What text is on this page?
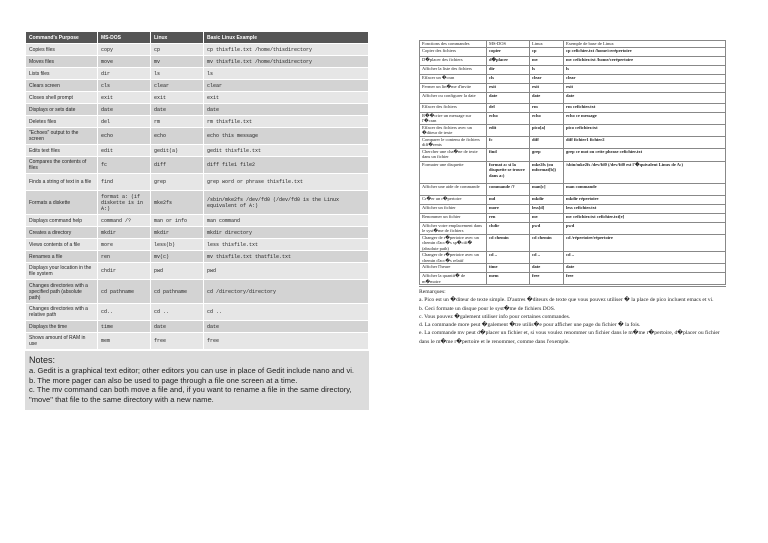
Command's Purpose	MS-DOS	Linux	Basic Linux Example
Copies files	copy	cp	cp thisfile.txt /home/thisdirectory
Moves files	move	mv	mv thisfile.txt /home/thisdirectory
Lists files	dir	ls	ls
Clears screen	cls	clear	clear
Closes shell prompt	exit	exit	exit
Displays or sets date	date	date	date
Deletes files	del	rm	rm thisfile.txt
"Echoes" output to the screen	echo	echo	echo this message
Edits text files	edit	gedit(a)	gedit thisfile.txt
Compares the contents of files	fc	diff	diff file1 file2
Finds a string of text in a file	find	grep	grep word or phrase thisfile.txt
Formats a diskette	format a: (if diskette is in A:)	mke2fs	/sbin/mke2fs /dev/fd0 (/dev/fd0 is the Linux equivalent of A:)
Displays command help	command /?	man or info	man command
Creates a directory	mkdir	mkdir	mkdir directory
Views contents of a file	more	less(b)	less thisfile.txt
Renames a file	ren	mv(c)	mv thisfile.txt thatfile.txt
Displays your location in the file system	chdir	pwd	pwd
Changes directories with a specified path (absolute path)	cd pathname	cd pathname	cd /directory/directory
Changes directories with a relative path	cd..	cd ..	cd ..
Displays the time	time	date	date
Shows amount of RAM in use	mem	free	free
Notes:
a. Gedit is a graphical text editor; other editors you can use in place of Gedit include nano and vi.
b. The more pager can also be used to page through a file one screen at a time.
c. The mv command can both move a file and, if you want to rename a file in the same directory, "move" that file to the same directory with a new name.
Fonctions des commandes	MS-DOS	Linux	Exemple de base de Linux
Copier des fichiers	copier	cp	cp cefichier.txt /home/cerépertoire
D�placer des fichiers	d�placer	mv	mv cefichier.txt /home/cerépertoire
Afficher la liste des fichiers	dir	ls	ls
Effacer un �cran	cls	clear	clear
Fermer un lin�me d'invite	exit	exit	exit
Afficher ou configurer la date	date	date	date
Effacer des fichiers	del	rm	rm cefichier.txt
R��crire un message sur l'�cran	echo	echo	echo ce message
Effacer des fichiers avec un �diteur de texte	edit	pico[a]	pico cefichier.txt
Comparer le contenu de fichiers diff�rents	fc	diff	diff fichier1 fichier2
Chercher une cha�ne de texte dans un fichier	find	grep	grep ce mot ou cette phrase cefichier.txt
Formater une disquette	format a: si la disquette se trouve dans a:)	mke2fs (ou mformat[b])	/sbin/mke2fs /dev/fd0 (/dev/fd0 est l'�quivalent Linux de A:)
Afficher une aide de commande	commande /?	man[c]	man commande
Cr�er un r�pertoire	md	mkdir	mkdir répertoire
Afficher un fichier	more	less[d]	less cefichier.txt
Renommer un fichier	ren	mv	mv cefichier.txt cefichier.txt[e]
Afficher votre emplacement dans le syst�me de fichiers	chdir	pwd	pwd
Changer de r�pertoire avec un chemin d'acc�s sp�cifi� (absolute path)	cd chemin	cd chemin	cd /répertoire/répertoire
Changer de r�pertoire avec un chemin d'acc�s relatif	cd ..	cd ..	cd ..
Afficher l'heure	time	date	date
Afficher la quantit� de m�moire	mem	free	free
Remarques:
a. Pico est un �diteur de texte simple. D'autres �diteurs de texte que vous pouvez utiliser � la place de pico incluent emacs et vi.
b. Ceci formate un disque pour le syst�me de fichiers DOS.
c. Vous pouvez �galement utiliser info pour certaines commandes.
d. La commande more peut �galement �tre utilis�e pour afficher une page du fichier � la fois.
e. La commande mv peut d�placer un fichier et, si vous voulez renommer un fichier dans le m�me r�pertoire, d�placer ou fichier dans le m�me r�pertoire et le renommer, comme dans l'exemple.
